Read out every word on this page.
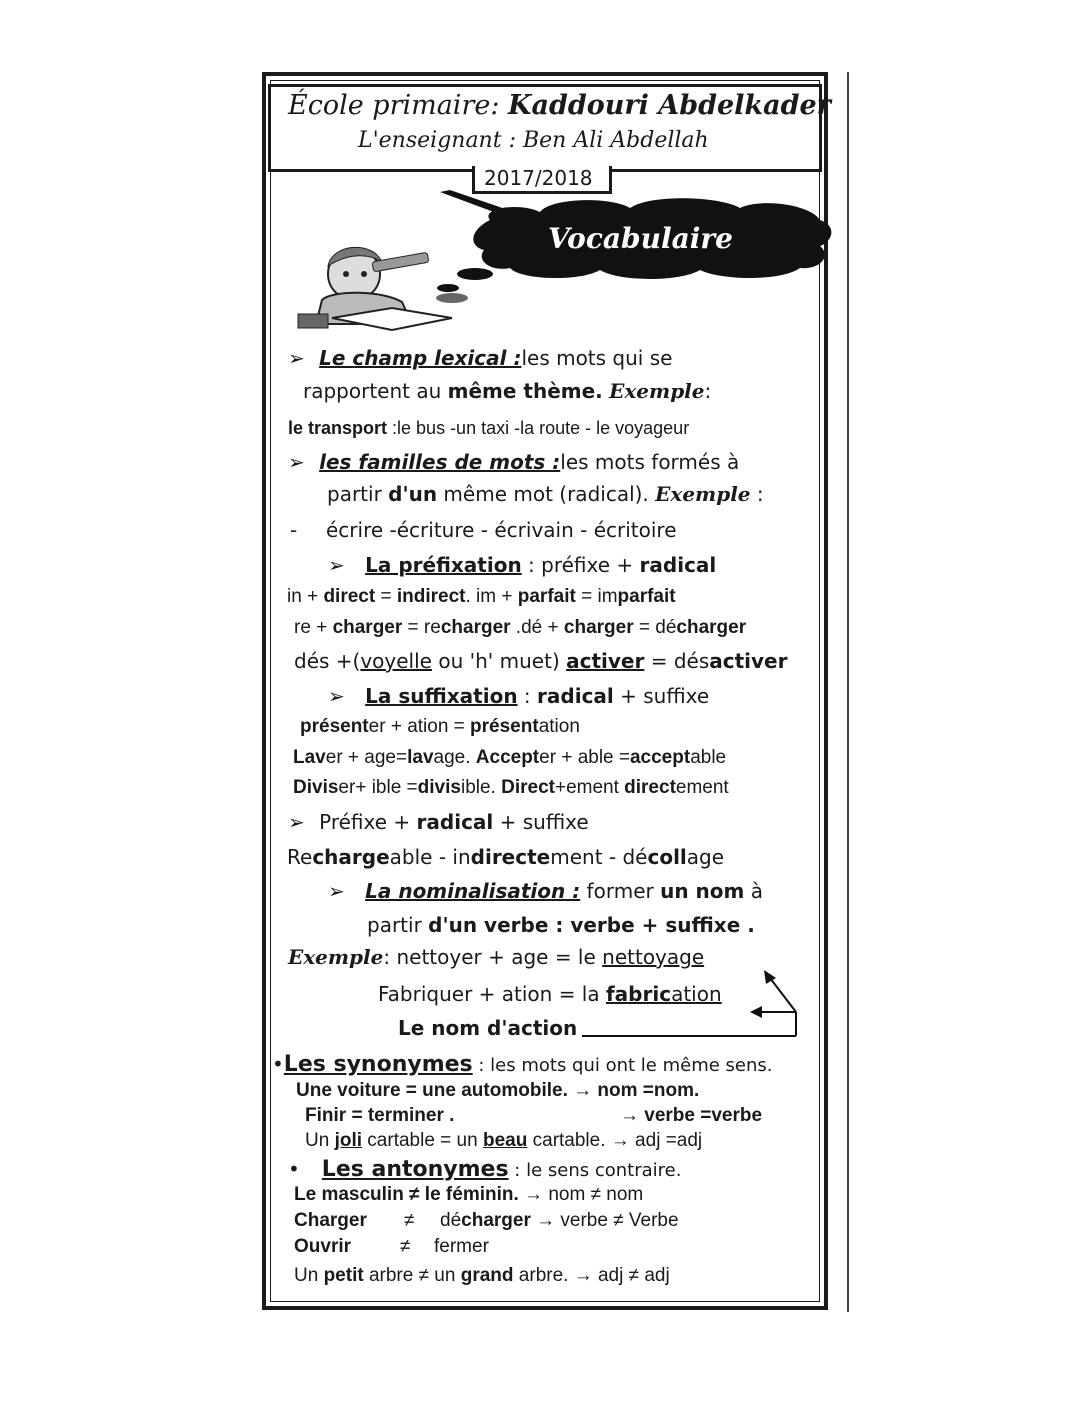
École primaire: Kaddouri Abdelkader
L'enseignant : Ben Ali Abdellah
2017/2018
Vocabulaire
➢ Le champ lexical :les mots qui se
rapportent au même thème. Exemple:
le transport :le bus -un taxi -la route - le voyageur
➢ les familles de mots :les mots formés à
partir d'un même mot (radical). Exemple :
- écrire -écriture - écrivain - écritoire
➢ La préfixation : préfixe + radical
in + direct = indirect. im + parfait = imparfait
re + charger = recharger .dé + charger = décharger
dés +(voyelle ou 'h' muet) activer = désactiver
➢ La suffixation : radical + suffixe
présenter + ation = présentation
Laver + age=lavage. Accepter + able =acceptable
Diviser+ ible =divisible. Direct+ement directement
➢ Préfixe + radical + suffixe
Rechargeable - indirectement - décollage
➢ La nominalisation : former un nom à
partir d'un verbe : verbe + suffixe .
Exemple: nettoyer + age = le nettoyage
Fabriquer + ation = la fabrication
Le nom d'action
•Les synonymes : les mots qui ont le même sens.
Une voiture = une automobile. → nom =nom.
Finir = terminer .	→ verbe =verbe
Un joli cartable = un beau cartable. → adj =adj
• Les antonymes : le sens contraire.
Le masculin ≠ le féminin. → nom ≠ nom
Charger ≠ décharger → verbe ≠ Verbe
Ouvrir	≠ fermer
Un petit arbre ≠ un grand arbre. → adj ≠ adj
